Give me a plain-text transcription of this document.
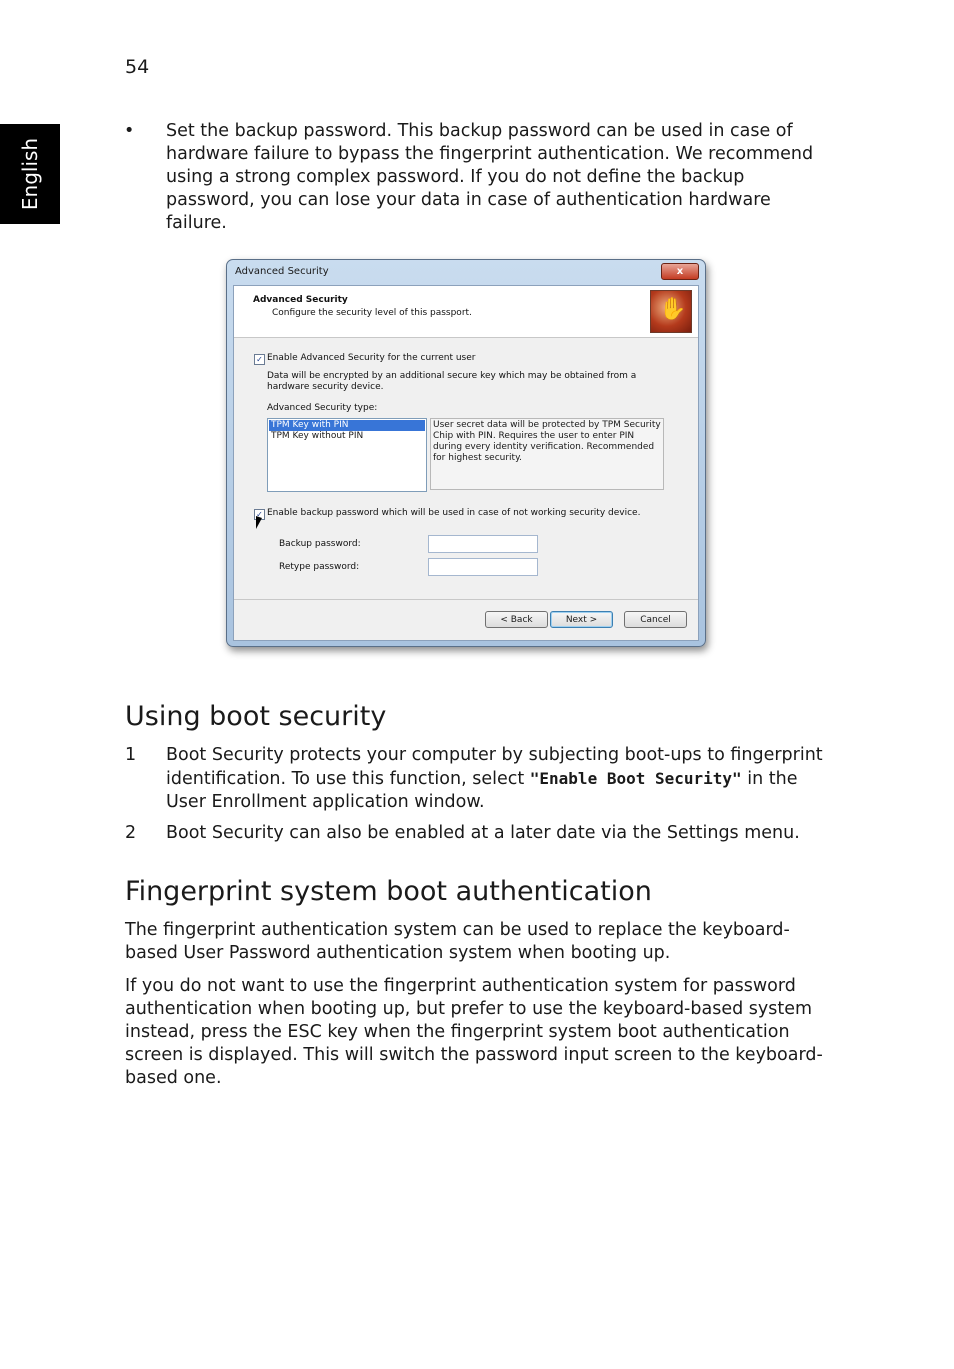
54
English
• Set the backup password. This backup password can be used in case of hardware failure to bypass the fingerprint authentication. We recommend using a strong complex password. If you do not define the backup password, you can lose your data in case of authentication hardware failure.
Advanced Security	x
Advanced Security
Configure the security level of this passport.	✋
✓ Enable Advanced Security for the current user
Data will be encrypted by an additional secure key which may be obtained from a hardware security device.
Advanced Security type:
TPM Key with PIN
TPM Key without PIN
User secret data will be protected by TPM Security Chip with PIN. Requires the user to enter PIN during every identity verification. Recommended for highest security.
✓ Enable backup password which will be used in case of not working security device.
Backup password:
Retype password:
< Back	Next >	Cancel
Using boot security
1 Boot Security protects your computer by subjecting boot-ups to fingerprint identification. To use this function, select "Enable Boot Security" in the User Enrollment application window.
2 Boot Security can also be enabled at a later date via the Settings menu.
Fingerprint system boot authentication
The fingerprint authentication system can be used to replace the keyboard-based User Password authentication system when booting up.
If you do not want to use the fingerprint authentication system for password authentication when booting up, but prefer to use the keyboard-based system instead, press the ESC key when the fingerprint system boot authentication screen is displayed. This will switch the password input screen to the keyboard-based one.
